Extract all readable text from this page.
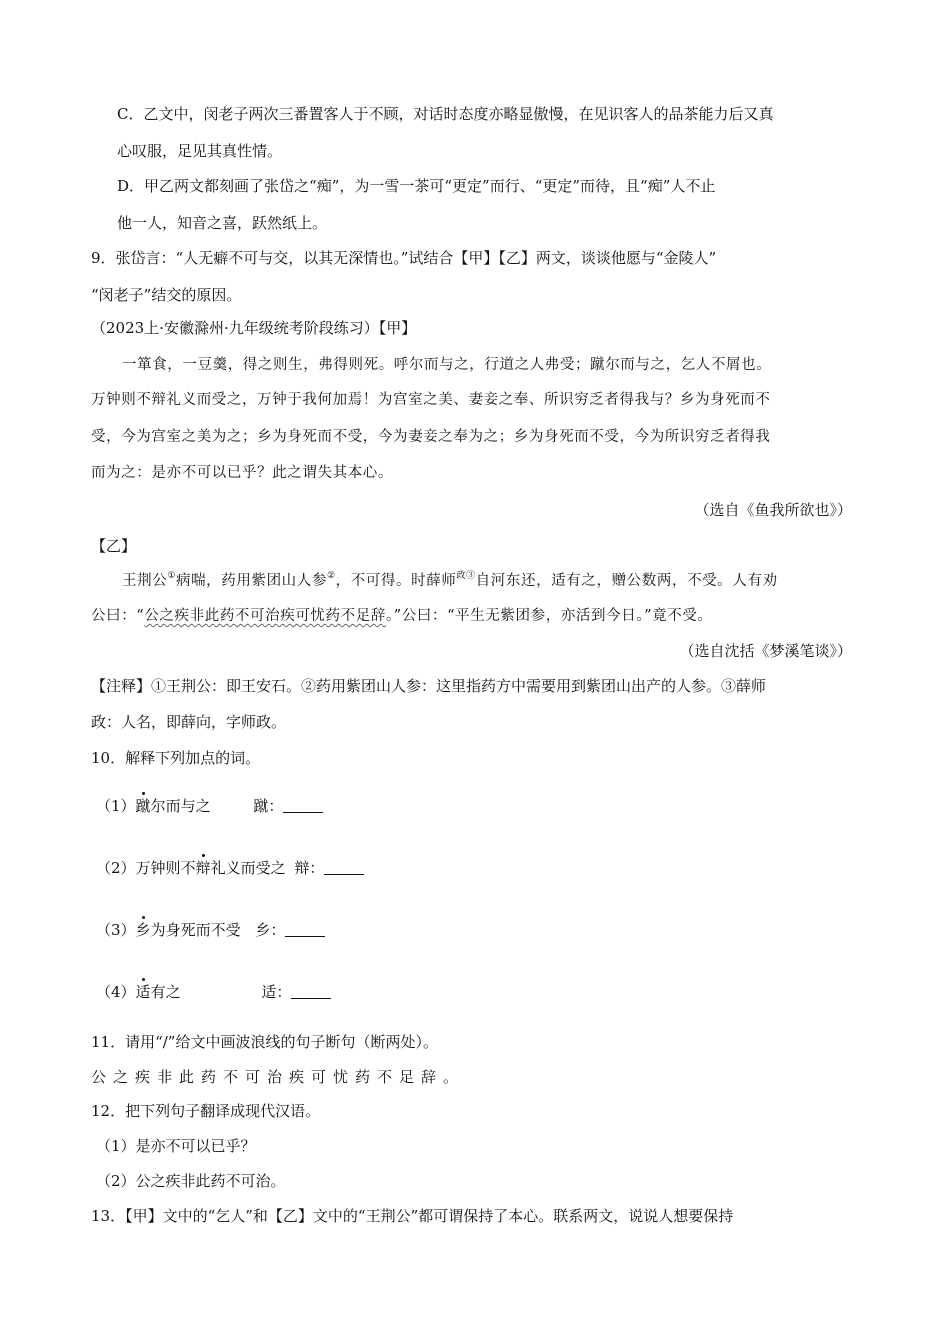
C．乙文中，闵老子两次三番置客人于不顾，对话时态度亦略显傲慢，在见识客人的品茶能力后又真
心叹服，足见其真性情。
D．甲乙两文都刻画了张岱之“痴”，为一雪一茶可“更定”而行、“更定”而待，且“痴”人不止
他一人，知音之喜，跃然纸上。
9．张岱言：“人无癖不可与交，以其无深情也。”试结合【甲】【乙】两文，谈谈他愿与“金陵人”
“闵老子”结交的原因。
（2023上·安徽滁州·九年级统考阶段练习）【甲】
一箪食，一豆羹，得之则生，弗得则死。呼尔而与之，行道之人弗受；蹴尔而与之，乞人不屑也。
万钟则不辩礼义而受之，万钟于我何加焉！为宫室之美、妻妾之奉、所识穷乏者得我与？乡为身死而不
受，今为宫室之美为之；乡为身死而不受，今为妻妾之奉为之；乡为身死而不受，今为所识穷乏者得我
而为之：是亦不可以已乎？此之谓失其本心。
（选自《鱼我所欲也》）
【乙】
王荆公①病喘，药用紫团山人参②，不可得。时薛师$^{政③}$自河东还，适有之，赠公数两，不受。人有劝
公曰：“公之疾非此药不可治疾可忧药不足辞。”公曰：“平生无紫团参，亦活到今日。”竟不受。
（选自沈括《梦溪笔谈》）
【注释】①王荆公：即王安石。②药用紫团山人参：这里指药方中需要用到紫团山出产的人参。③薛师
政：人名，即薛向，字师政。
10．解释下列加点的词。
（1）蹴尔而与之	蹴：
（2）万钟则不辩礼义而受之 辩：
（3）乡为身死而不受 乡：
（4）适有之	适：
11．请用“/”给文中画波浪线的句子断句（断两处）。
公之疾非此药不可治疾可忧药不足辞。
12．把下列句子翻译成现代汉语。
（1）是亦不可以已乎？
（2）公之疾非此药不可治。
13．【甲】文中的“乞人”和【乙】文中的“王荆公”都可谓保持了本心。联系两文，说说人想要保持
